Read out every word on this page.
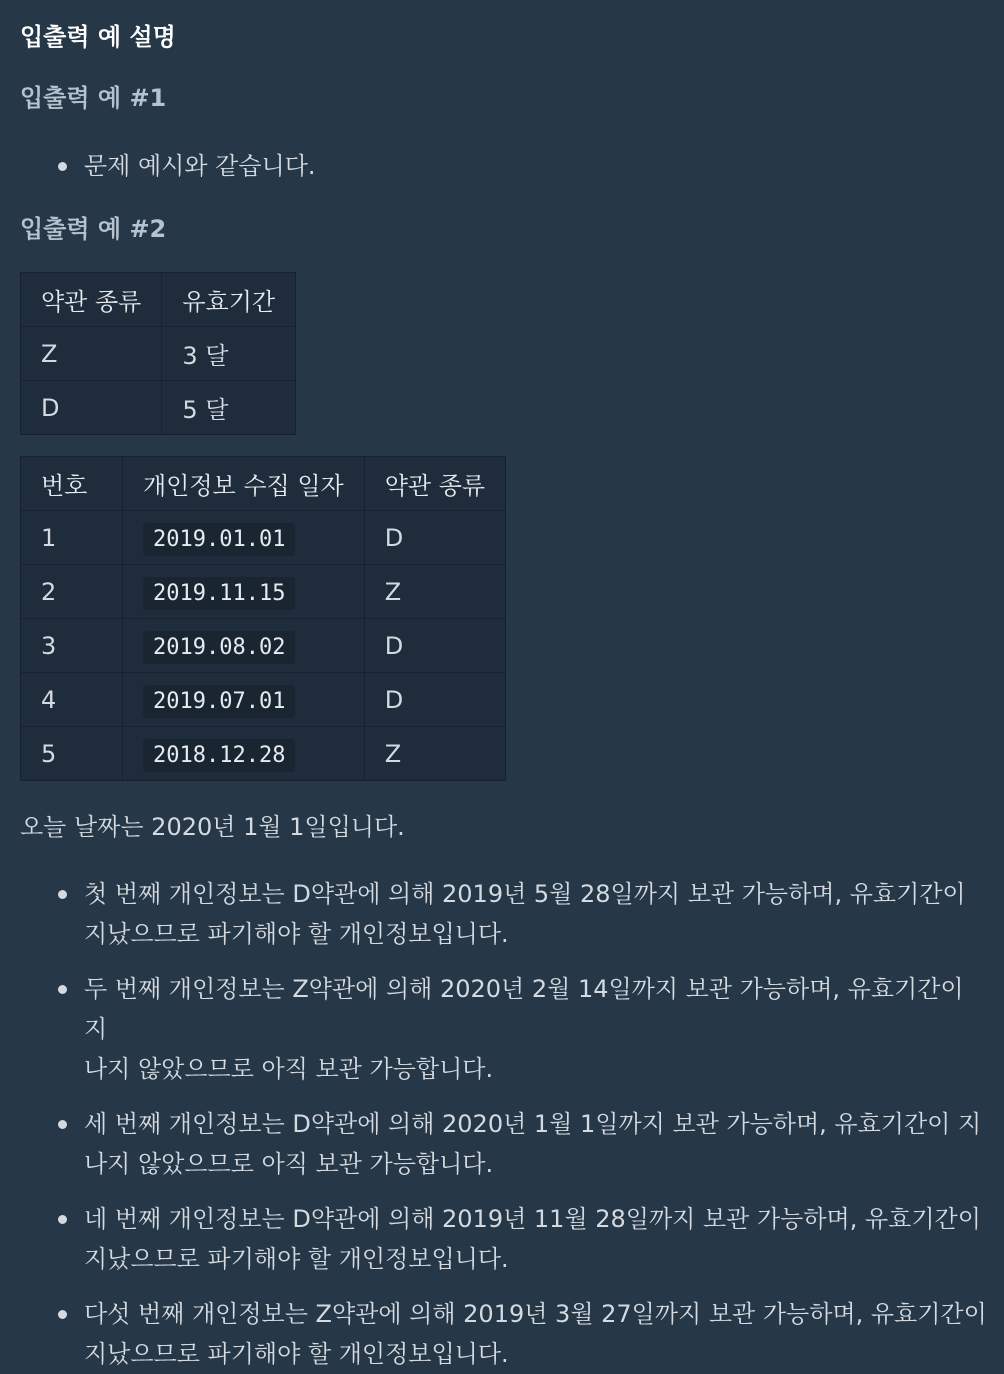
입출력 예 설명
입출력 예 #1
문제 예시와 같습니다.
입출력 예 #2
약관 종류	유효기간
Z	3 달
D	5 달
번호	개인정보 수집 일자	약관 종류
1	2019.01.01	D
2	2019.11.15	Z
3	2019.08.02	D
4	2019.07.01	D
5	2018.12.28	Z

오늘 날짜는 2020년 1월 1일입니다.

첫 번째 개인정보는 D약관에 의해 2019년 5월 28일까지 보관 가능하며, 유효기간이
지났으므로 파기해야 할 개인정보입니다.
두 번째 개인정보는 Z약관에 의해 2020년 2월 14일까지 보관 가능하며, 유효기간이 지
나지 않았으므로 아직 보관 가능합니다.
세 번째 개인정보는 D약관에 의해 2020년 1월 1일까지 보관 가능하며, 유효기간이 지
나지 않았으므로 아직 보관 가능합니다.
네 번째 개인정보는 D약관에 의해 2019년 11월 28일까지 보관 가능하며, 유효기간이
지났으므로 파기해야 할 개인정보입니다.
다섯 번째 개인정보는 Z약관에 의해 2019년 3월 27일까지 보관 가능하며, 유효기간이
지났으므로 파기해야 할 개인정보입니다.
